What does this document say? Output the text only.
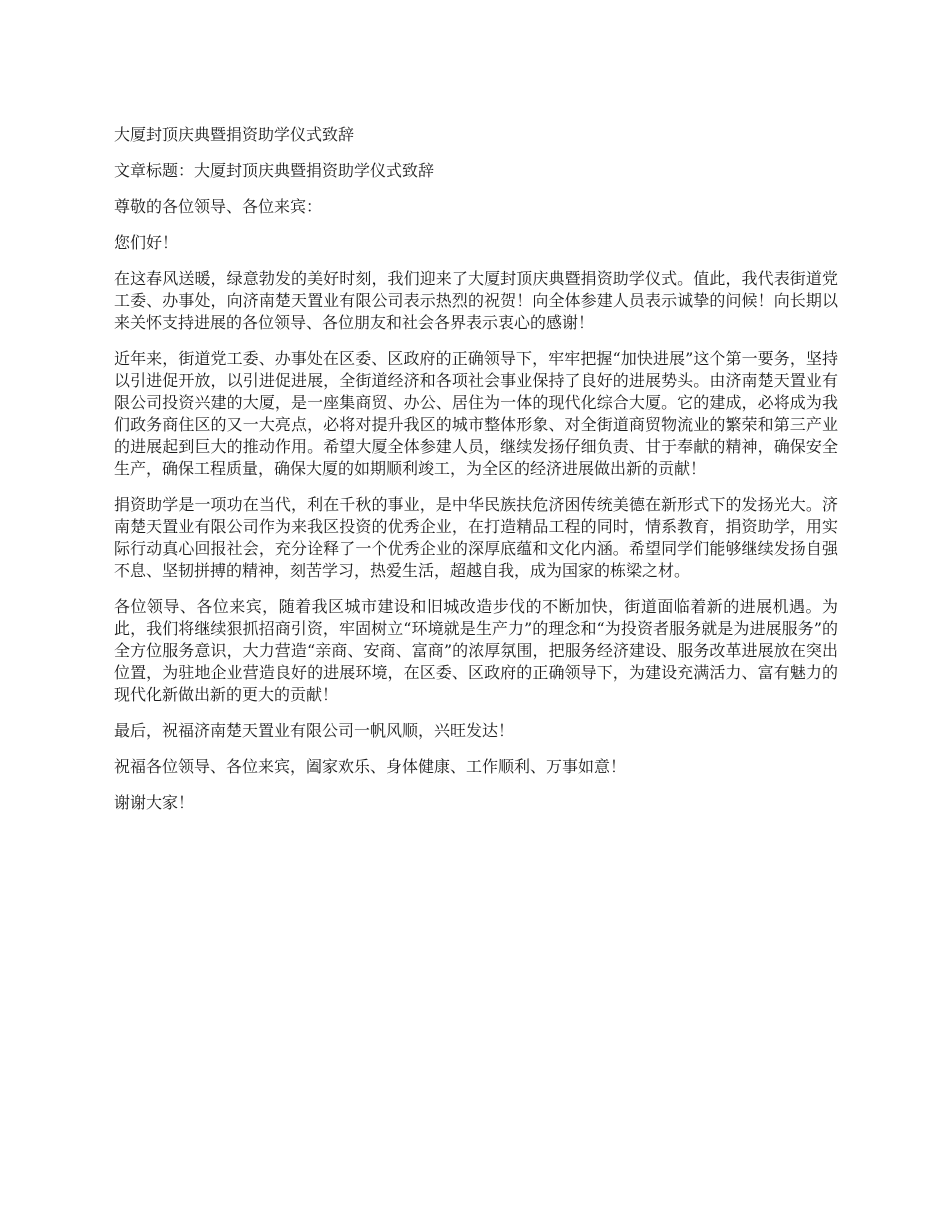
大厦封顶庆典暨捐资助学仪式致辞

文章标题：大厦封顶庆典暨捐资助学仪式致辞

尊敬的各位领导、各位来宾：

您们好！

在这春风送暖，绿意勃发的美好时刻，我们迎来了大厦封顶庆典暨捐资助学仪式。值此，我代表街道党工委、办事处，向济南楚天置业有限公司表示热烈的祝贺！向全体参建人员表示诚挚的问候！向长期以来关怀支持进展的各位领导、各位朋友和社会各界表示衷心的感谢！

近年来，街道党工委、办事处在区委、区政府的正确领导下，牢牢把握“加快进展”这个第一要务，坚持以引进促开放，以引进促进展，全街道经济和各项社会事业保持了良好的进展势头。由济南楚天置业有限公司投资兴建的大厦，是一座集商贸、办公、居住为一体的现代化综合大厦。它的建成，必将成为我们政务商住区的又一大亮点，必将对提升我区的城市整体形象、对全街道商贸物流业的繁荣和第三产业的进展起到巨大的推动作用。希望大厦全体参建人员，继续发扬仔细负责、甘于奉献的精神，确保安全生产，确保工程质量，确保大厦的如期顺利竣工，为全区的经济进展做出新的贡献！

捐资助学是一项功在当代，利在千秋的事业，是中华民族扶危济困传统美德在新形式下的发扬光大。济南楚天置业有限公司作为来我区投资的优秀企业，在打造精品工程的同时，情系教育，捐资助学，用实际行动真心回报社会，充分诠释了一个优秀企业的深厚底蕴和文化内涵。希望同学们能够继续发扬自强不息、坚韧拼搏的精神，刻苦学习，热爱生活，超越自我，成为国家的栋梁之材。

各位领导、各位来宾，随着我区城市建设和旧城改造步伐的不断加快，街道面临着新的进展机遇。为此，我们将继续狠抓招商引资，牢固树立“环境就是生产力”的理念和“为投资者服务就是为进展服务”的全方位服务意识，大力营造“亲商、安商、富商”的浓厚氛围，把服务经济建设、服务改革进展放在突出位置，为驻地企业营造良好的进展环境，在区委、区政府的正确领导下，为建设充满活力、富有魅力的现代化新做出新的更大的贡献！

最后，祝福济南楚天置业有限公司一帆风顺，兴旺发达！

祝福各位领导、各位来宾，阖家欢乐、身体健康、工作顺利、万事如意！

谢谢大家！
